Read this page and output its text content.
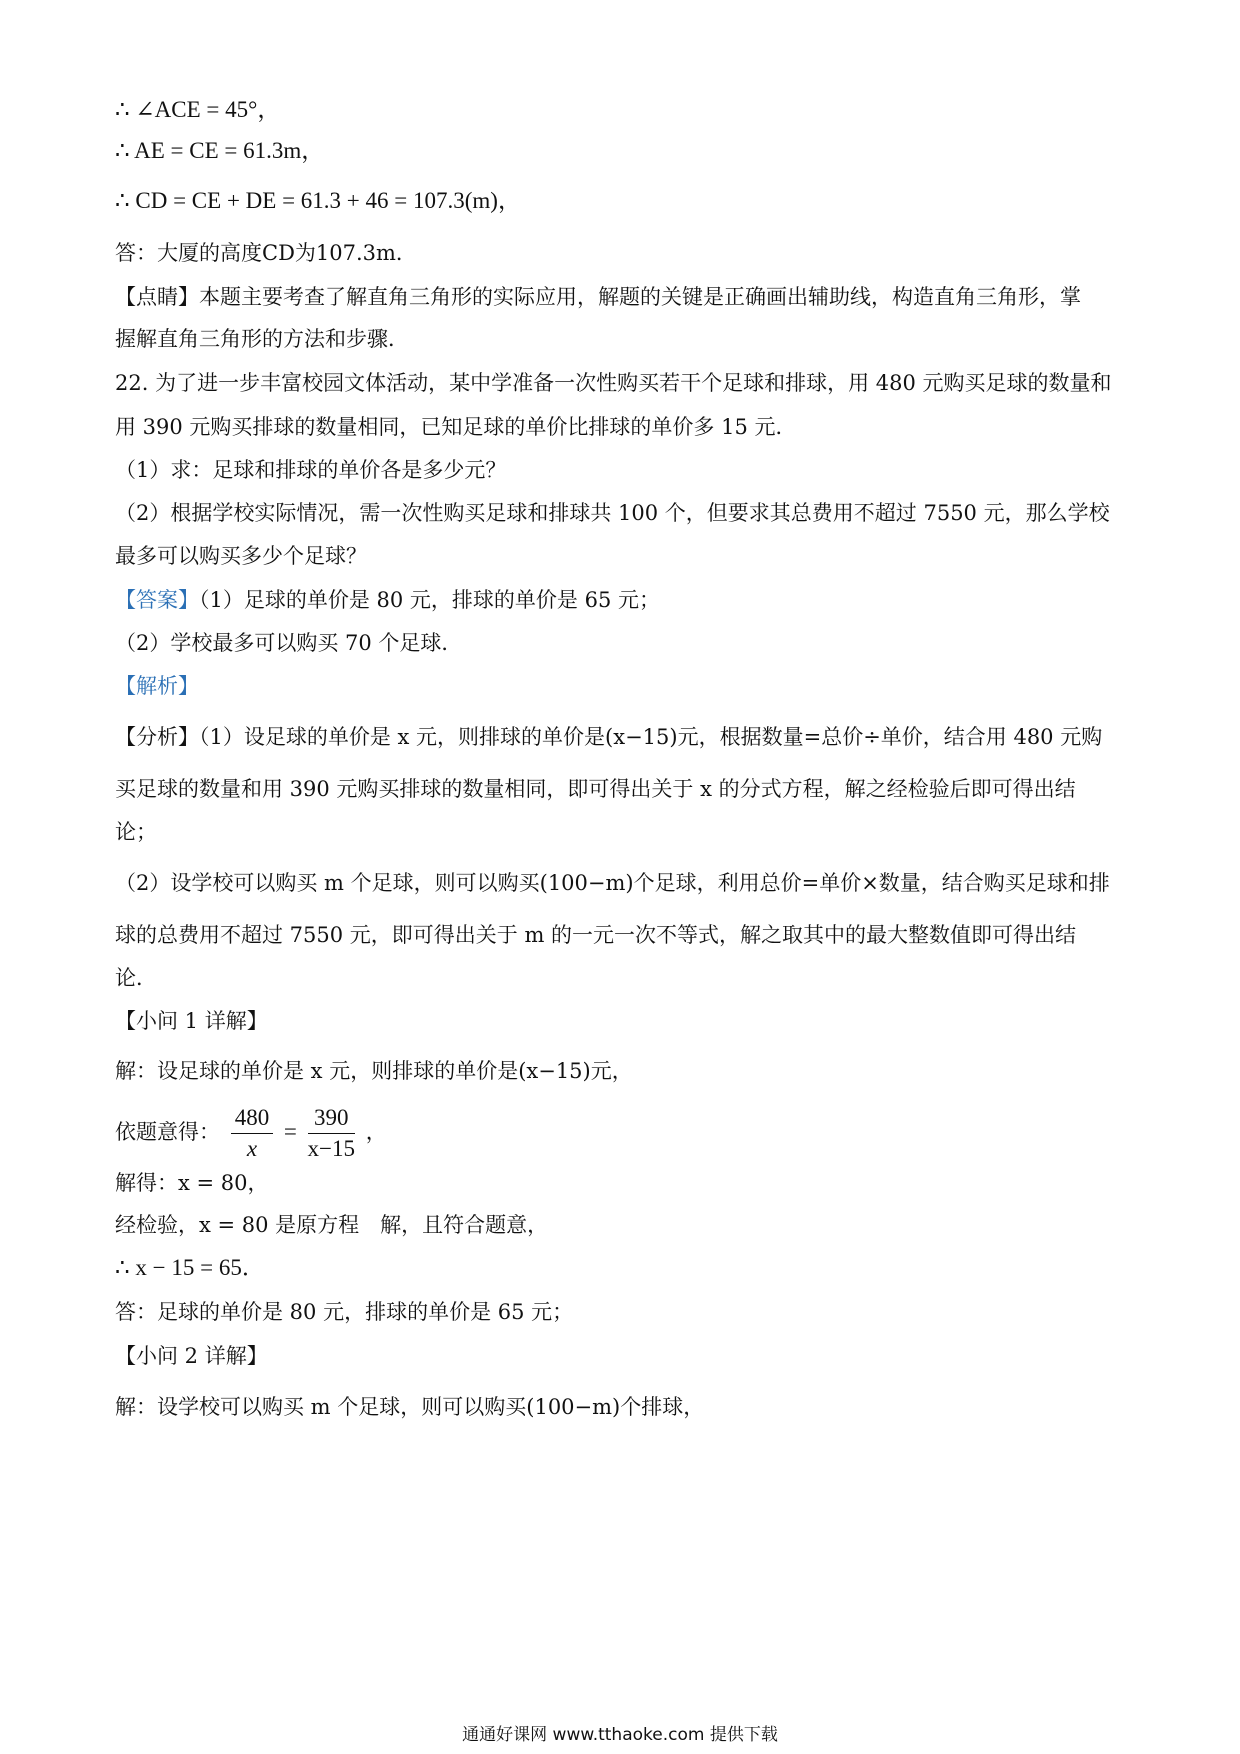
∴ ∠ACE = 45°，
∴ AE = CE = 61.3m，
∴ CD = CE + DE = 61.3 + 46 = 107.3(m)，
答：大厦的高度CD为107.3m．
【点睛】本题主要考查了解直角三角形的实际应用，解题的关键是正确画出辅助线，构造直角三角形，掌
握解直角三角形的方法和步骤．
22. 为了进一步丰富校园文体活动，某中学准备一次性购买若干个足球和排球，用 480 元购买足球的数量和
用 390 元购买排球的数量相同，已知足球的单价比排球的单价多 15 元．
（1）求：足球和排球的单价各是多少元？
（2）根据学校实际情况，需一次性购买足球和排球共 100 个，但要求其总费用不超过 7550 元，那么学校
最多可以购买多少个足球？
【答案】（1）足球的单价是 80 元，排球的单价是 65 元；
（2）学校最多可以购买 70 个足球．
【解析】
【分析】（1）设足球的单价是 x 元，则排球的单价是(x−15)元，根据数量=总价÷单价，结合用 480 元购
买足球的数量和用 390 元购买排球的数量相同，即可得出关于 x 的分式方程，解之经检验后即可得出结
论；
（2）设学校可以购买 m 个足球，则可以购买(100−m)个足球，利用总价=单价×数量，结合购买足球和排
球的总费用不超过 7550 元，即可得出关于 m 的一元一次不等式，解之取其中的最大整数值即可得出结
论．
【小问 1 详解】
解：设足球的单价是 x 元，则排球的单价是(x−15)元，
依题意得： $\frac{480}{x} = \frac{390}{x-15}$ ，
解得：x = 80，
经检验，x = 80 是原方程　解，且符合题意，
∴ x − 15 = 65．
答：足球的单价是 80 元，排球的单价是 65 元；
【小问 2 详解】
解：设学校可以购买 m 个足球，则可以购买(100−m)个排球，
通通好课网 www.tthaoke.com 提供下载
